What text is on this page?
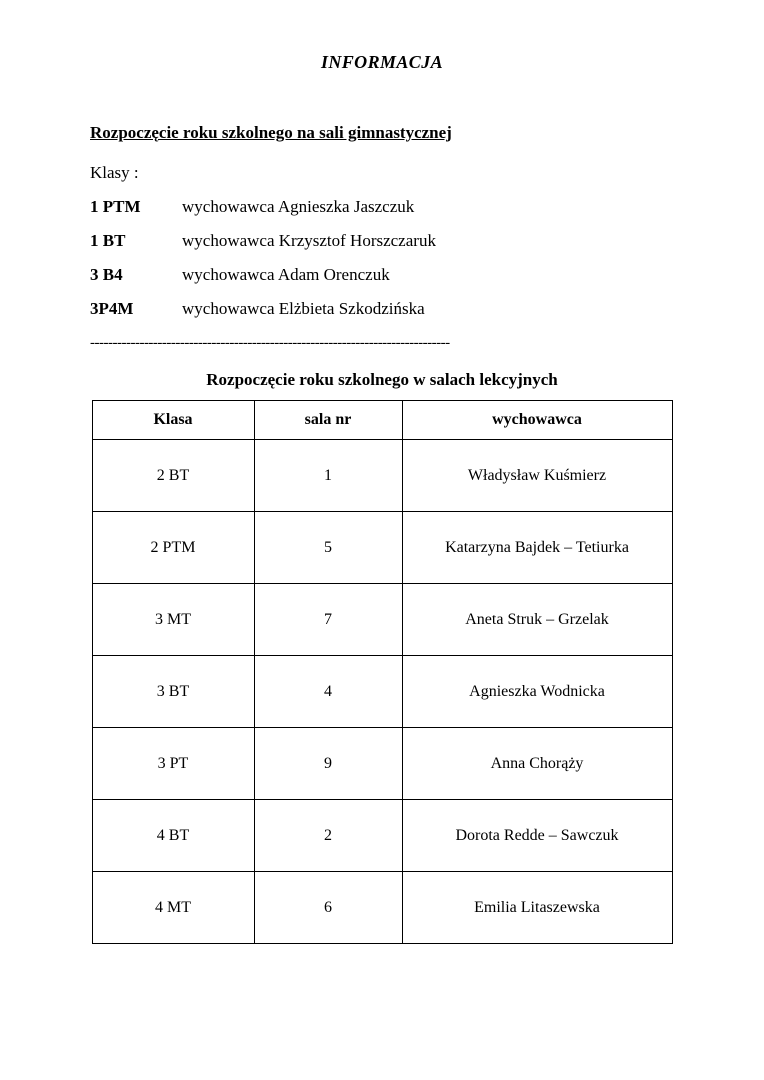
INFORMACJA
Rozpoczęcie roku szkolnego na sali gimnastycznej
Klasy :
1 PTM	wychowawca Agnieszka Jaszczuk
1 BT	wychowawca Krzysztof Horszczaruk
3 B4	wychowawca Adam Orenczuk
3P4M	wychowawca Elżbieta Szkodzińska
--------------------------------------------------------------------------------
Rozpoczęcie roku szkolnego w salach lekcyjnych
Klasa	sala nr	wychowawca
2 BT	1	Władysław Kuśmierz
2 PTM	5	Katarzyna Bajdek – Tetiurka
3 MT	7	Aneta Struk – Grzelak
3 BT	4	Agnieszka Wodnicka
3 PT	9	Anna Chorąży
4 BT	2	Dorota Redde – Sawczuk
4 MT	6	Emilia Litaszewska
